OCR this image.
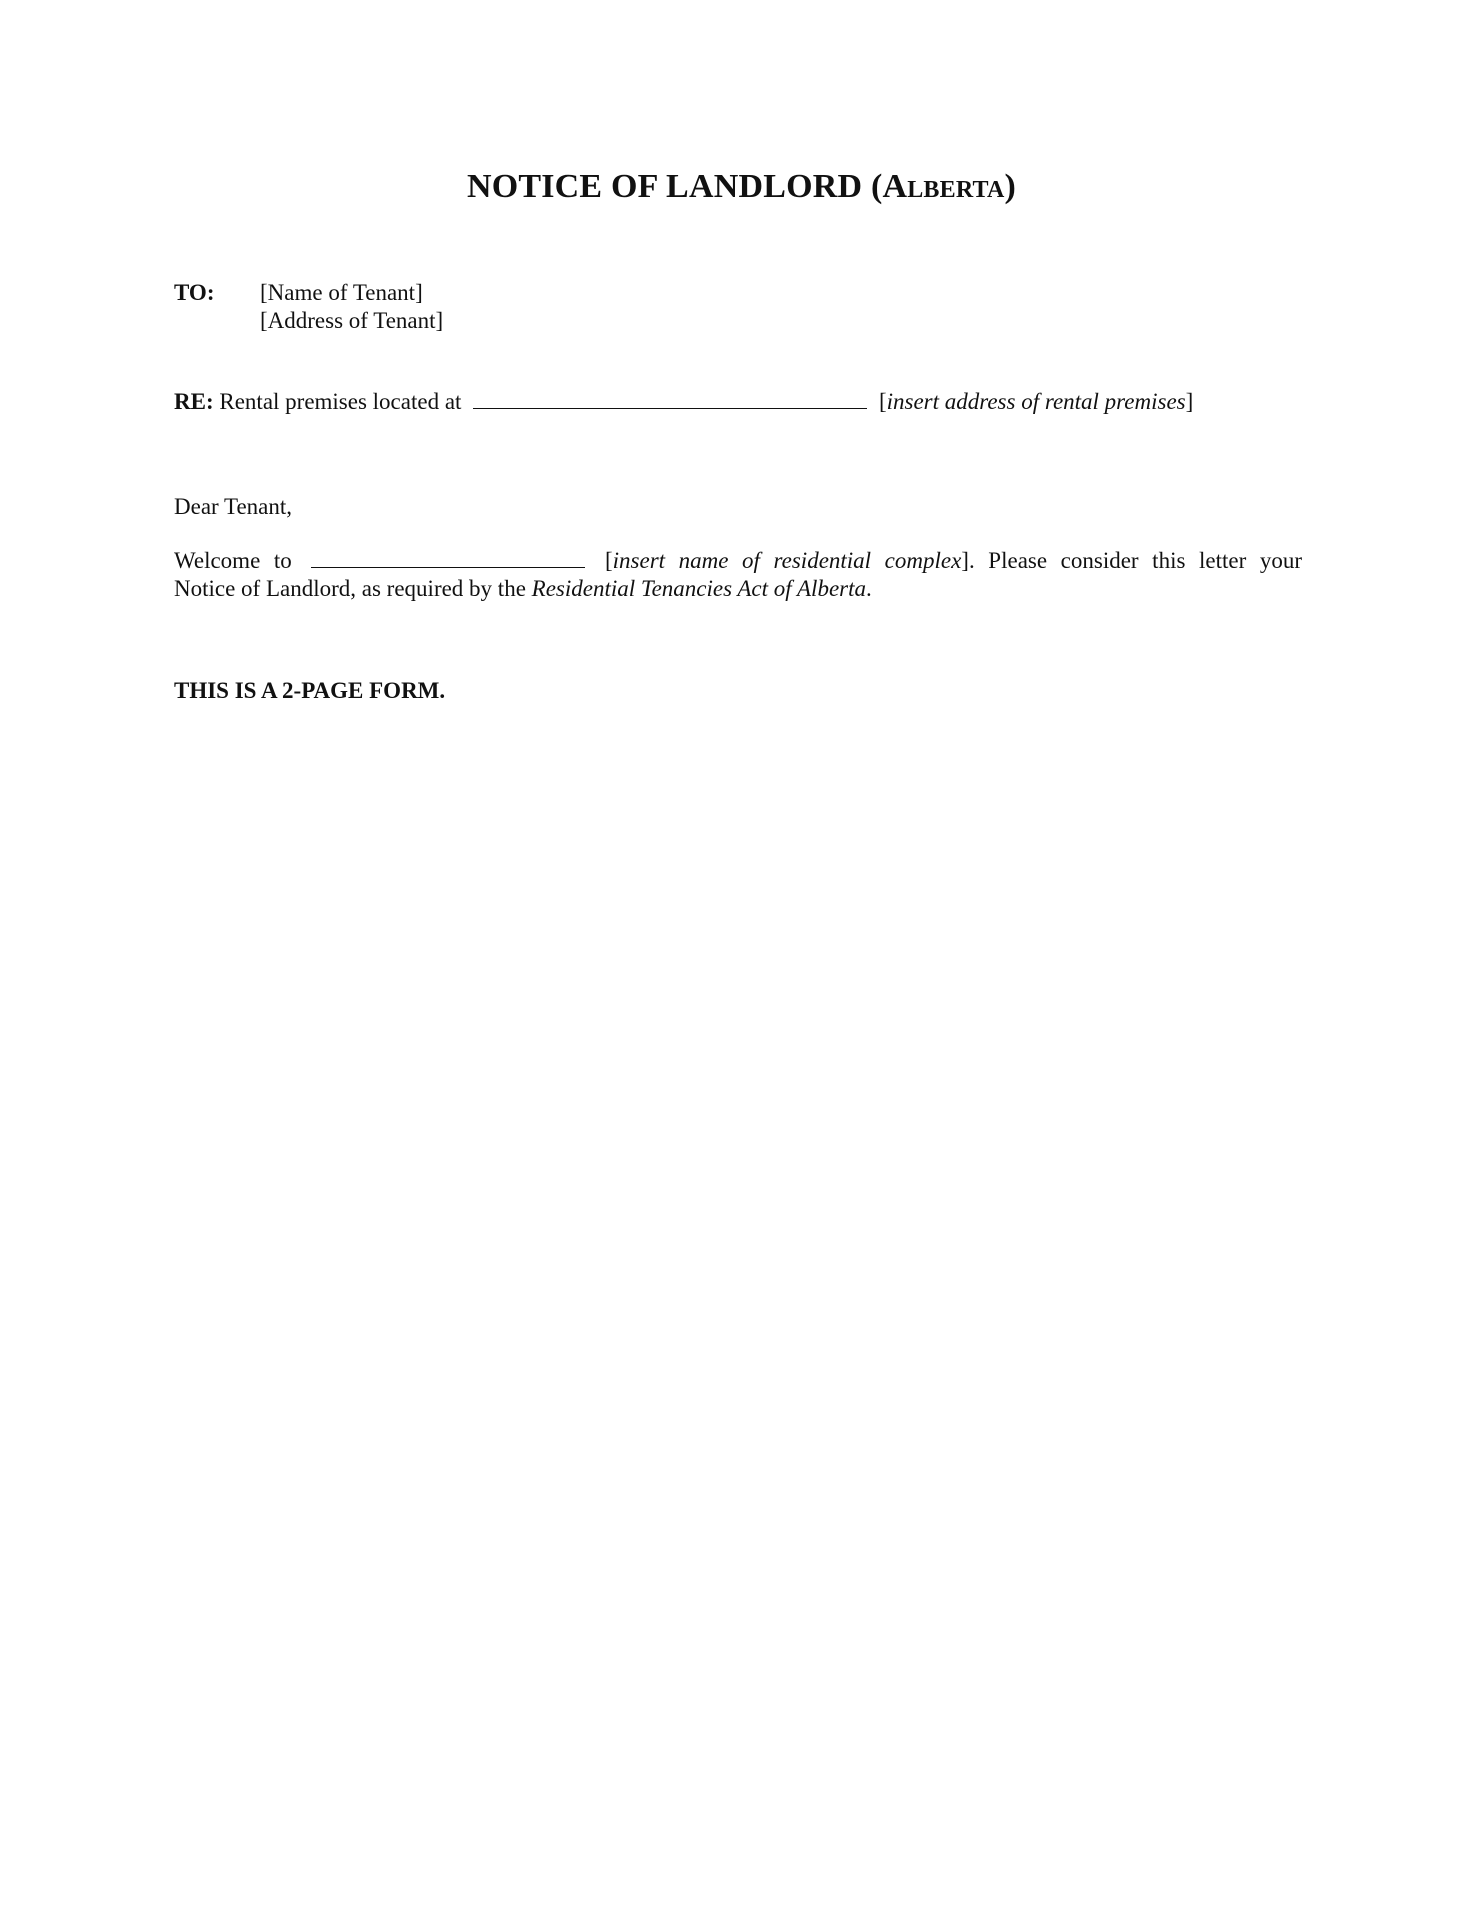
NOTICE OF LANDLORD (Alberta)
TO:	[Name of Tenant]
[Address of Tenant]
RE: Rental premises located at	[insert address of rental premises]
Dear Tenant,
Welcome to	[insert name of residential complex]. Please consider this letter your
Notice of Landlord, as required by the Residential Tenancies Act of Alberta.
THIS IS A 2-PAGE FORM.
